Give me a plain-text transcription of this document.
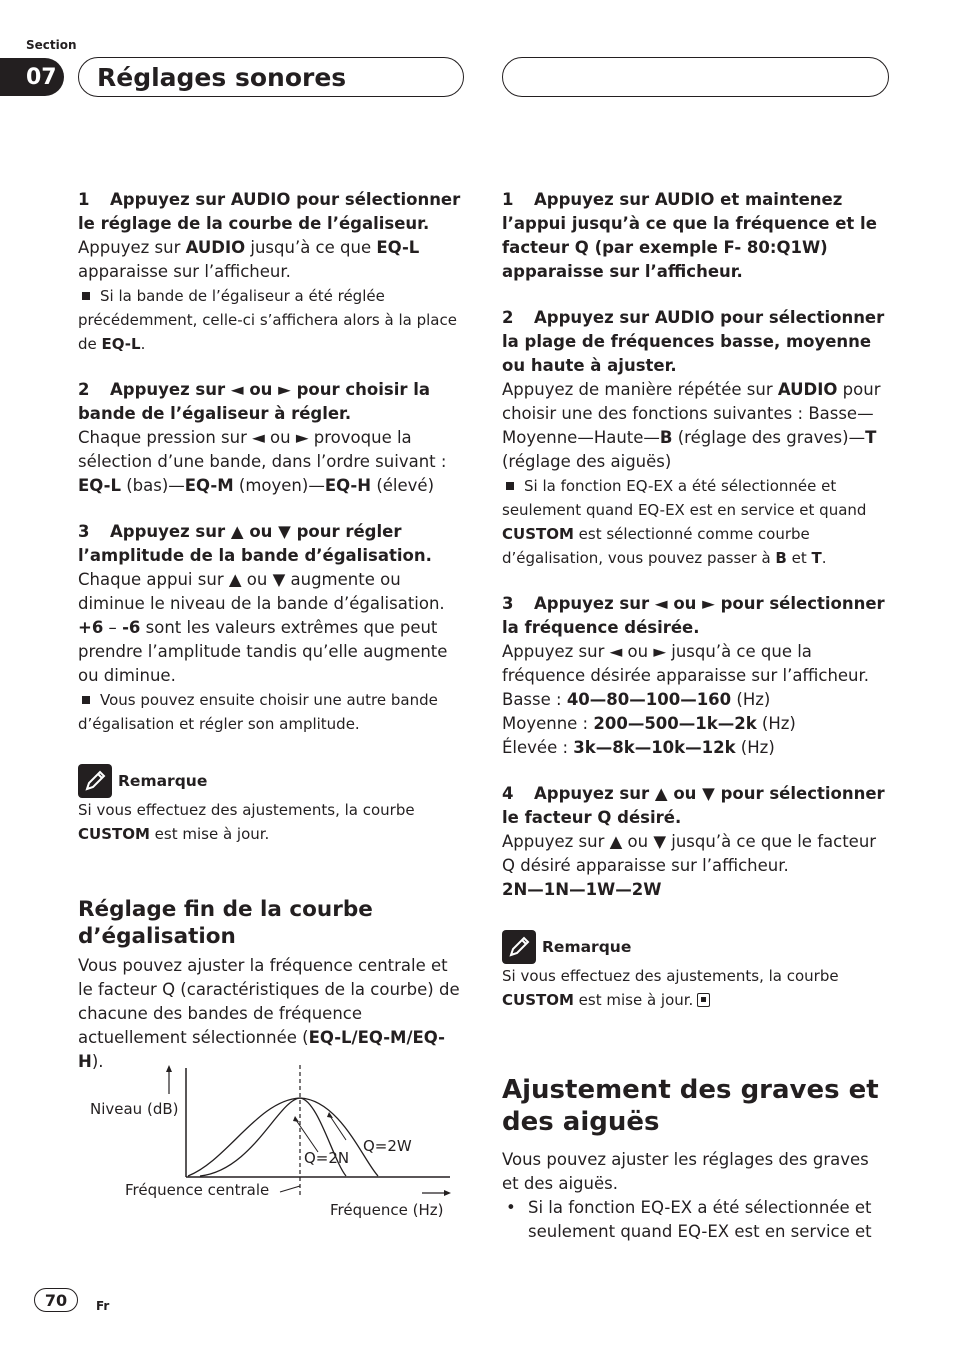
Section
07	Réglages sonores
1 Appuyez sur AUDIO pour sélectionner le réglage de la courbe de l’égaliseur.

Appuyez sur AUDIO jusqu’à ce que EQ-L apparaisse sur l’afficheur.

Si la bande de l’égaliseur a été réglée précédemment, celle-ci s’affichera alors à la place de EQ-L.

2 Appuyez sur ◄ ou ► pour choisir la bande de l’égaliseur à régler.

Chaque pression sur ◄ ou ► provoque la sélection d’une bande, dans l’ordre suivant :

EQ-L (bas)—EQ-M (moyen)—EQ-H (élevé)

3 Appuyez sur ▲ ou ▼ pour régler l’amplitude de la bande d’égalisation.

Chaque appui sur ▲ ou ▼ augmente ou diminue le niveau de la bande d’égalisation.

+6 – -6 sont les valeurs extrêmes que peut prendre l’amplitude tandis qu’elle augmente ou diminue.

Vous pouvez ensuite choisir une autre bande d’égalisation et régler son amplitude.

Remarque

Si vous effectuez des ajustements, la courbe CUSTOM est mise à jour.

Réglage fin de la courbe d’égalisation

Vous pouvez ajuster la fréquence centrale et le facteur Q (caractéristiques de la courbe) de chacune des bandes de fréquence actuellement sélectionnée (EQ-L/EQ-M/EQ-H).

Niveau (dB)
Q=2N
Q=2W
Fréquence centrale
Fréquence (Hz)
1 Appuyez sur AUDIO et maintenez l’appui jusqu’à ce que la fréquence et le facteur Q (par exemple F- 80:Q1W) apparaisse sur l’afficheur.
2 Appuyez sur AUDIO pour sélectionner la plage de fréquences basse, moyenne ou haute à ajuster.

Appuyez de manière répétée sur AUDIO pour choisir une des fonctions suivantes : Basse—Moyenne—Haute—B (réglage des graves)—T (réglage des aiguës)

Si la fonction EQ-EX a été sélectionnée et seulement quand EQ-EX est en service et quand CUSTOM est sélectionné comme courbe d’égalisation, vous pouvez passer à B et T.

3 Appuyez sur ◄ ou ► pour sélectionner la fréquence désirée.

Appuyez sur ◄ ou ► jusqu’à ce que la fréquence désirée apparaisse sur l’afficheur.

Basse : 40—80—100—160 (Hz)

Moyenne : 200—500—1k—2k (Hz)

Élevée : 3k—8k—10k—12k (Hz)

4 Appuyez sur ▲ ou ▼ pour sélectionner le facteur Q désiré.

Appuyez sur ▲ ou ▼ jusqu’à ce que le facteur Q désiré apparaisse sur l’afficheur.

2N—1N—1W—2W

Remarque

Si vous effectuez des ajustements, la courbe CUSTOM est mise à jour.

Ajustement des graves et des aiguës

Vous pouvez ajuster les réglages des graves et des aiguës.

• Si la fonction EQ-EX a été sélectionnée et seulement quand EQ-EX est en service et
70	Fr
